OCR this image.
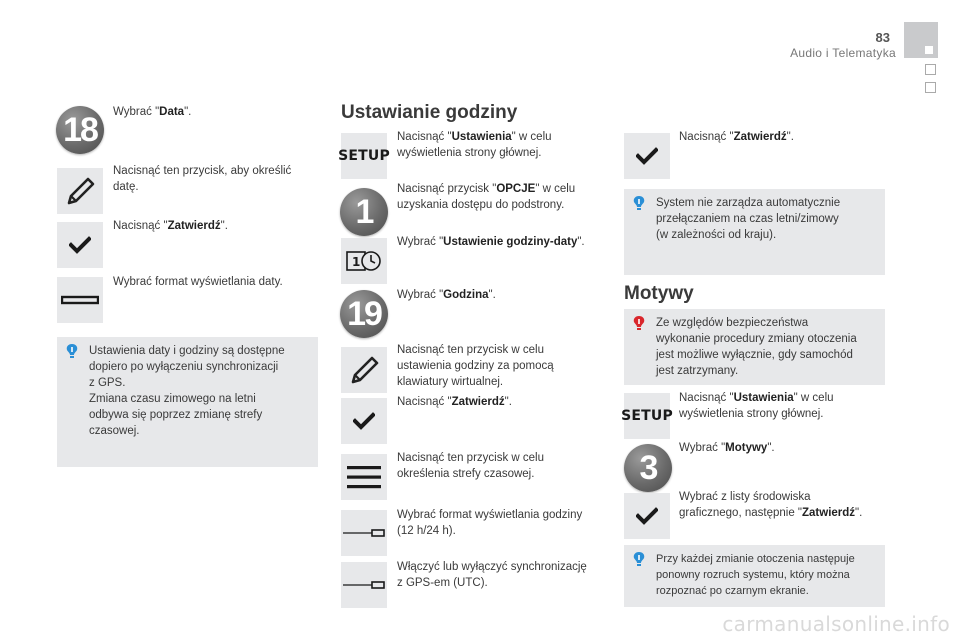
83
Audio i Telematyka
18	Wybrać "Data".
Nacisnąć ten przycisk, aby określić datę.
Nacisnąć "Zatwierdź".
Wybrać format wyświetlania daty.
Ustawienia daty i godziny są dostępne
dopiero po wyłączeniu synchronizacji
z GPS.
Zmiana czasu zimowego na letni
odbywa się poprzez zmianę strefy
czasowej.
Ustawianie godziny
SETUP
Nacisnąć "Ustawienia" w celu
wyświetlenia strony głównej.
1
Nacisnąć przycisk "OPCJE" w celu
uzyskania dostępu do podstrony.
1
Wybrać "Ustawienie godziny-daty".
19	Wybrać "Godzina".
Nacisnąć ten przycisk w celu
ustawienia godziny za pomocą
klawiatury wirtualnej.
Nacisnąć "Zatwierdź".
Nacisnąć ten przycisk w celu
określenia strefy czasowej.
Wybrać format wyświetlania godziny
(12 h/24 h).
Włączyć lub wyłączyć synchronizację
z GPS-em (UTC).
Nacisnąć "Zatwierdź".
System nie zarządza automatycznie
przełączaniem na czas letni/zimowy
(w zależności od kraju).
Motywy
Ze względów bezpieczeństwa
wykonanie procedury zmiany otoczenia
jest możliwe wyłącznie, gdy samochód
jest zatrzymany.
SETUP
Nacisnąć "Ustawienia" w celu
wyświetlenia strony głównej.
3
Wybrać "Motywy".
Wybrać z listy środowiska
graficznego, następnie "Zatwierdź".
Przy każdej zmianie otoczenia następuje
ponowny rozruch systemu, który można
rozpoznać po czarnym ekranie.
carmanualsonline.info
